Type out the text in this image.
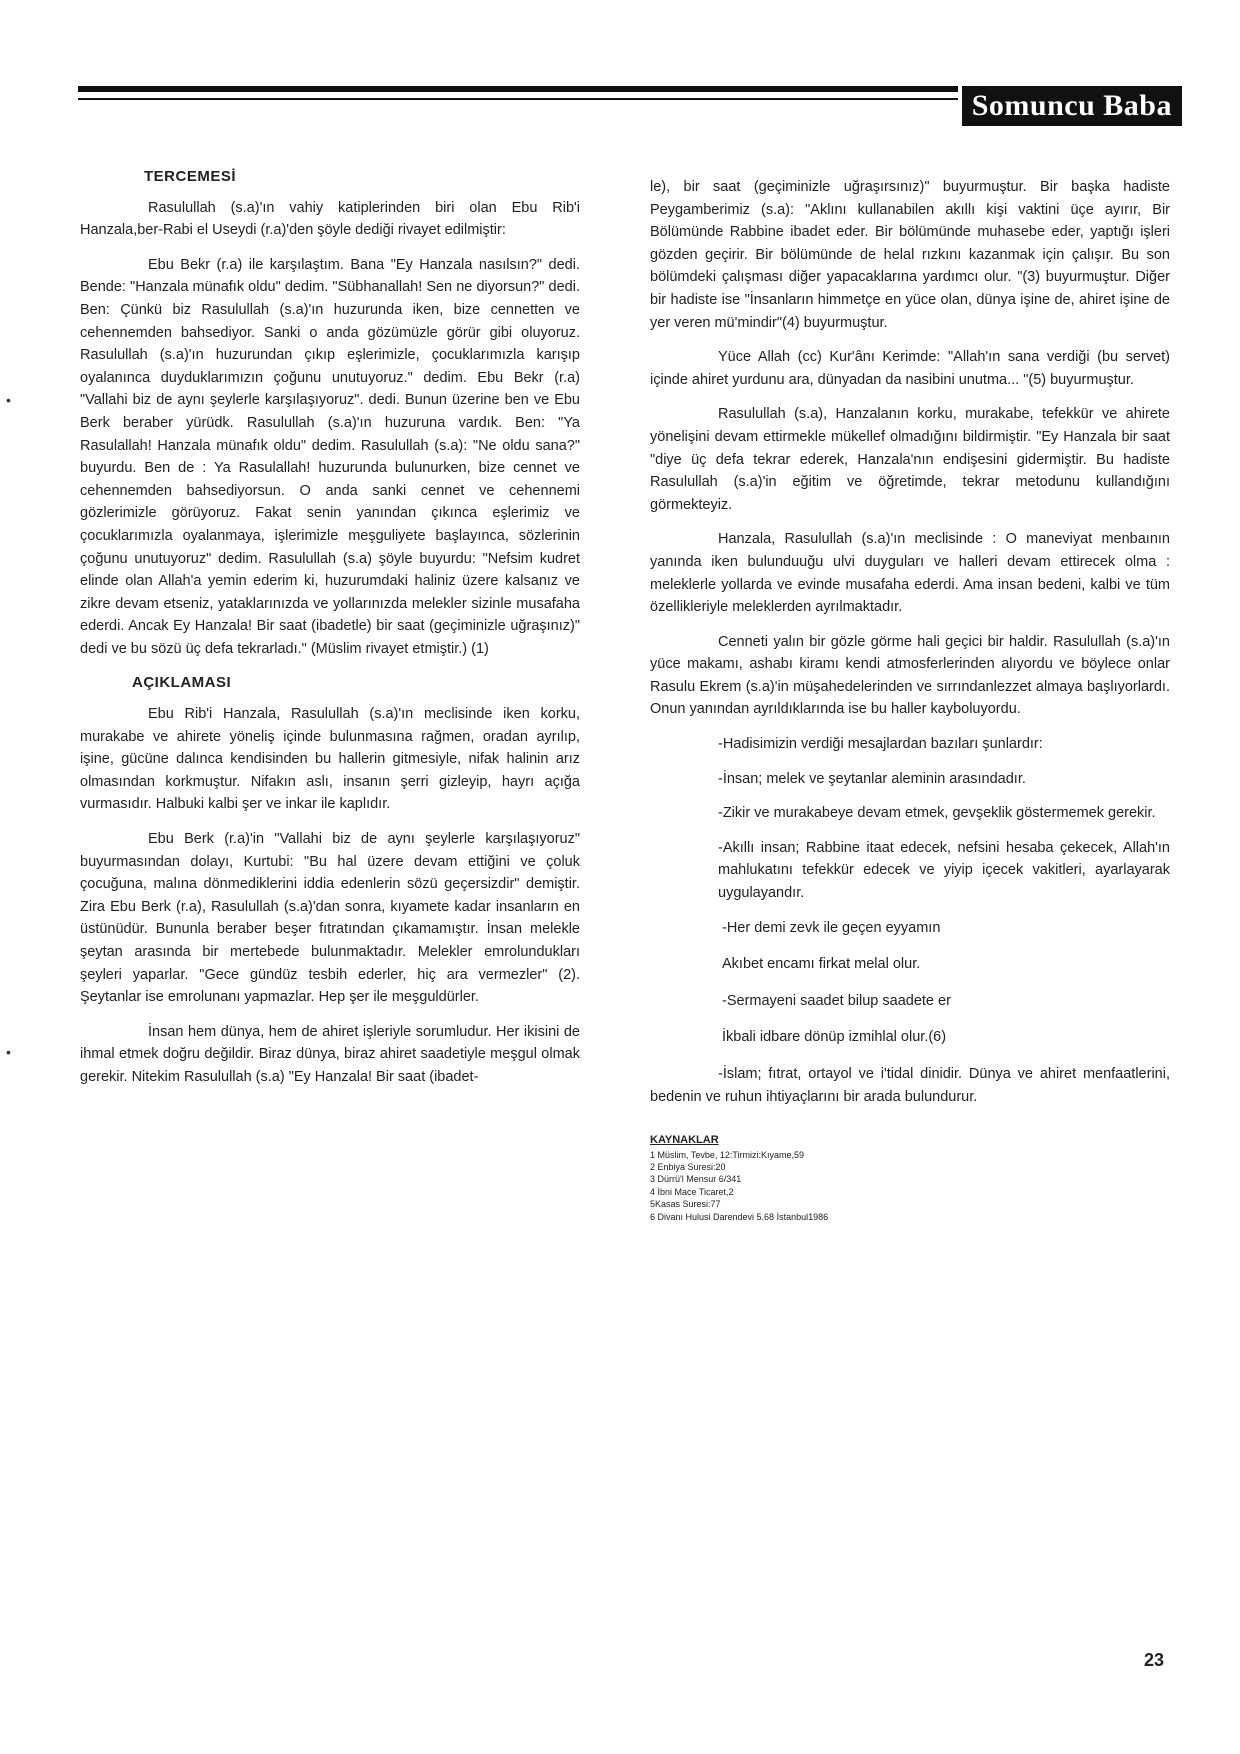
Somuncu Baba
•
•
TERCEMESİ

Rasulullah (s.a)'ın vahiy katiplerinden biri olan Ebu Rib'i Hanzala,ber-Rabi el Useydi (r.a)'den şöyle dediği rivayet edilmiştir:

Ebu Bekr (r.a) ile karşılaştım. Bana "Ey Hanzala nasılsın?" dedi. Bende: "Hanzala münafık oldu" dedim. "Sübhanallah! Sen ne diyorsun?" dedi. Ben: Çünkü biz Rasulullah (s.a)'ın huzurunda iken, bize cennetten ve cehennemden bahsediyor. Sanki o anda gözümüzle görür gibi oluyoruz. Rasulullah (s.a)'ın huzurundan çıkıp eşlerimizle, çocuklarımızla karışıp oyalanınca duyduklarımızın çoğunu unutuyoruz." dedim. Ebu Bekr (r.a) "Vallahi biz de aynı şeylerle karşılaşıyoruz". dedi. Bunun üzerine ben ve Ebu Berk beraber yürüdk. Rasulullah (s.a)'ın huzuruna vardık. Ben: "Ya Rasulallah! Hanzala münafık oldu" dedim. Rasulullah (s.a): "Ne oldu sana?" buyurdu. Ben de : Ya Rasulallah! huzurunda bulunurken, bize cennet ve cehennemden bahsediyorsun. O anda sanki cennet ve cehennemi gözlerimizle görüyoruz. Fakat senin yanından çıkınca eşlerimiz ve çocuklarımızla oyalanmaya, işlerimizle meşguliyete başlayınca, sözlerinin çoğunu unutuyoruz" dedim. Rasulullah (s.a) şöyle buyurdu: "Nefsim kudret elinde olan Allah'a yemin ederim ki, huzurumdaki haliniz üzere kalsanız ve zikre devam etseniz, yataklarınızda ve yollarınızda melekler sizinle musafaha ederdi. Ancak Ey Hanzala! Bir saat (ibadetle) bir saat (geçiminizle uğraşınız)" dedi ve bu sözü üç defa tekrarladı." (Müslim rivayet etmiştir.) (1)

AÇIKLAMASI

Ebu Rib'i Hanzala, Rasulullah (s.a)'ın meclisinde iken korku, murakabe ve ahirete yöneliş içinde bulunmasına rağmen, oradan ayrılıp, işine, gücüne dalınca kendisinden bu hallerin gitmesiyle, nifak halinin arız olmasından korkmuştur. Nifakın aslı, insanın şerri gizleyip, hayrı açığa vurmasıdır. Halbuki kalbi şer ve inkar ile kaplıdır.

Ebu Berk (r.a)'in "Vallahi biz de aynı şeylerle karşılaşıyoruz" buyurmasından dolayı, Kurtubi: "Bu hal üzere devam ettiğini ve çoluk çocuğuna, malına dönmediklerini iddia edenlerin sözü geçersizdir" demiştir. Zira Ebu Berk (r.a), Rasulullah (s.a)'dan sonra, kıyamete kadar insanların en üstünüdür. Bununla beraber beşer fıtratından çıkamamıştır. İnsan melekle şeytan arasında bir mertebede bulunmaktadır. Melekler emrolundukları şeyleri yaparlar. "Gece gündüz tesbih ederler, hiç ara vermezler" (2). Şeytanlar ise emrolunanı yapmazlar. Hep şer ile meşguldürler.

İnsan hem dünya, hem de ahiret işleriyle sorumludur. Her ikisini de ihmal etmek doğru değildir. Biraz dünya, biraz ahiret saadetiyle meşgul olmak gerekir. Nitekim Rasulullah (s.a) "Ey Hanzala! Bir saat (ibadet-

le), bir saat (geçiminizle uğraşırsınız)" buyurmuştur. Bir başka hadiste Peygamberimiz (s.a): "Aklını kullanabilen akıllı kişi vaktini üçe ayırır, Bir Bölümünde Rabbine ibadet eder. Bir bölümünde muhasebe eder, yaptığı işleri gözden geçirir. Bir bölümünde de helal rızkını kazanmak için çalışır. Bu son bölümdeki çalışması diğer yapacaklarına yardımcı olur. "(3) buyurmuştur. Diğer bir hadiste ise "İnsanların himmetçe en yüce olan, dünya işine de, ahiret işine de yer veren mü'mindir"(4) buyurmuştur.

Yüce Allah (cc) Kur'ânı Kerimde: "Allah'ın sana verdiği (bu servet) içinde ahiret yurdunu ara, dünyadan da nasibini unutma... "(5) buyurmuştur.

Rasulullah (s.a), Hanzalanın korku, murakabe, tefekkür ve ahirete yönelişini devam ettirmekle mükellef olmadığını bildirmiştir. "Ey Hanzala bir saat "diye üç defa tekrar ederek, Hanzala'nın endişesini gidermiştir. Bu hadiste Rasulullah (s.a)'in eğitim ve öğretimde, tekrar metodunu kullandığını görmekteyiz.

Hanzala, Rasulullah (s.a)'ın meclisinde : O maneviyat menbaının yanında iken bulunduuğu ulvi duyguları ve halleri devam ettirecek olma : meleklerle yollarda ve evinde musafaha ederdi. Ama insan bedeni, kalbi ve tüm özellikleriyle meleklerden ayrılmaktadır.

Cenneti yalın bir gözle görme hali geçici bir haldir. Rasulullah (s.a)'ın yüce makamı, ashabı kiramı kendi atmosferlerinden alıyordu ve böylece onlar Rasulu Ekrem (s.a)'in müşahedelerinden ve sırrındanlezzet almaya başlıyorlardı. Onun yanından ayrıldıklarında ise bu haller kayboluyordu.

-Hadisimizin verdiği mesajlardan bazıları şunlardır:
-İnsan; melek ve şeytanlar aleminin arasındadır.
-Zikir ve murakabeye devam etmek, gevşeklik göstermemek gerekir.
-Akıllı insan; Rabbine itaat edecek, nefsini hesaba çekecek, Allah'ın mahlukatını tefekkür edecek ve yiyip içecek vakitleri, ayarlayarak uygulayandır.
-Her demi zevk ile geçen eyyamın
Akıbet encamı firkat melal olur.
-Sermayeni saadet bilup saadete er
İkbali idbare dönüp izmihlal olur.(6)

-İslam; fıtrat, ortayol ve i'tidal dinidir. Dünya ve ahiret menfaatlerini, bedenin ve ruhun ihtiyaçlarını bir arada bulundurur.

KAYNAKLAR
1 Müslim, Tevbe, 12:Tirmizi:Kıyame,59
2 Enbiya Suresi:20
3 Dürrü'l Mensur 6/341
4 İbni Mace Ticaret,2
5Kasas Suresi:77
6 Divanı Hulusi Darendevi 5.68 İstanbul1986
23
